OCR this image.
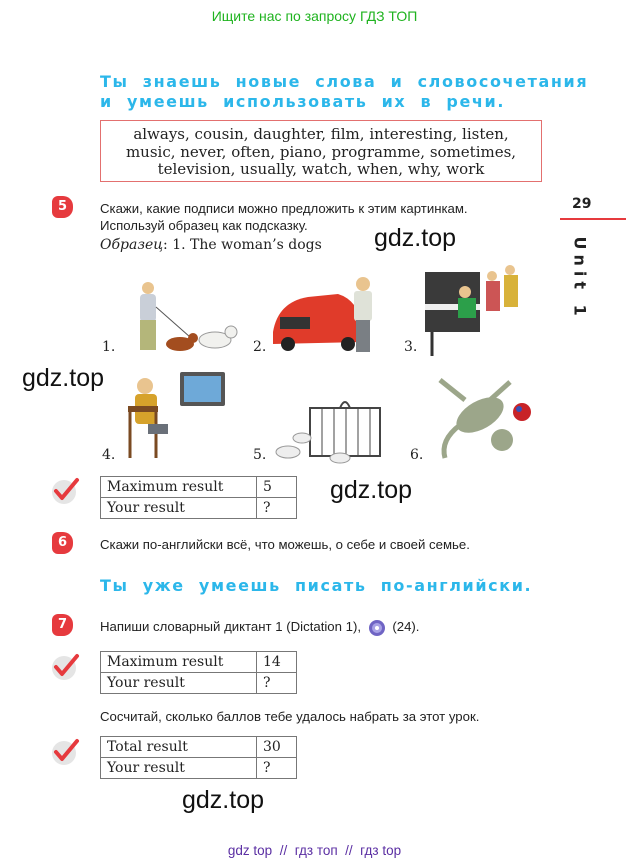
Ищите нас по запросу ГДЗ ТОП
Ты знаешь новые слова и словосочетания
и умеешь использовать их в речи.
always, cousin, daughter, film, interesting, listen,
music, never, often, piano, programme, sometimes,
television, usually, watch, when, why, work
29
Unit 1
5	Скажи, какие подписи можно предложить к этим картинкам.
Используй образец как подсказку.
Образец: 1. The woman’s dogs gdz.top
gdz.top
gdz.top
gdz.top
1.	2.	3.
4.	5.	6.
Maximum result	5
Your result	?
6	Скажи по-английски всё, что можешь, о себе и своей семье.
Ты уже умеешь писать по-английски.
7	Напиши словарный диктант 1 (Dictation 1), (24).
Maximum result	14
Your result	?
Сосчитай, сколько баллов тебе удалось набрать за этот урок.
Total result	30
Your result	?
gdz top  //  гдз топ  //  гдз top
